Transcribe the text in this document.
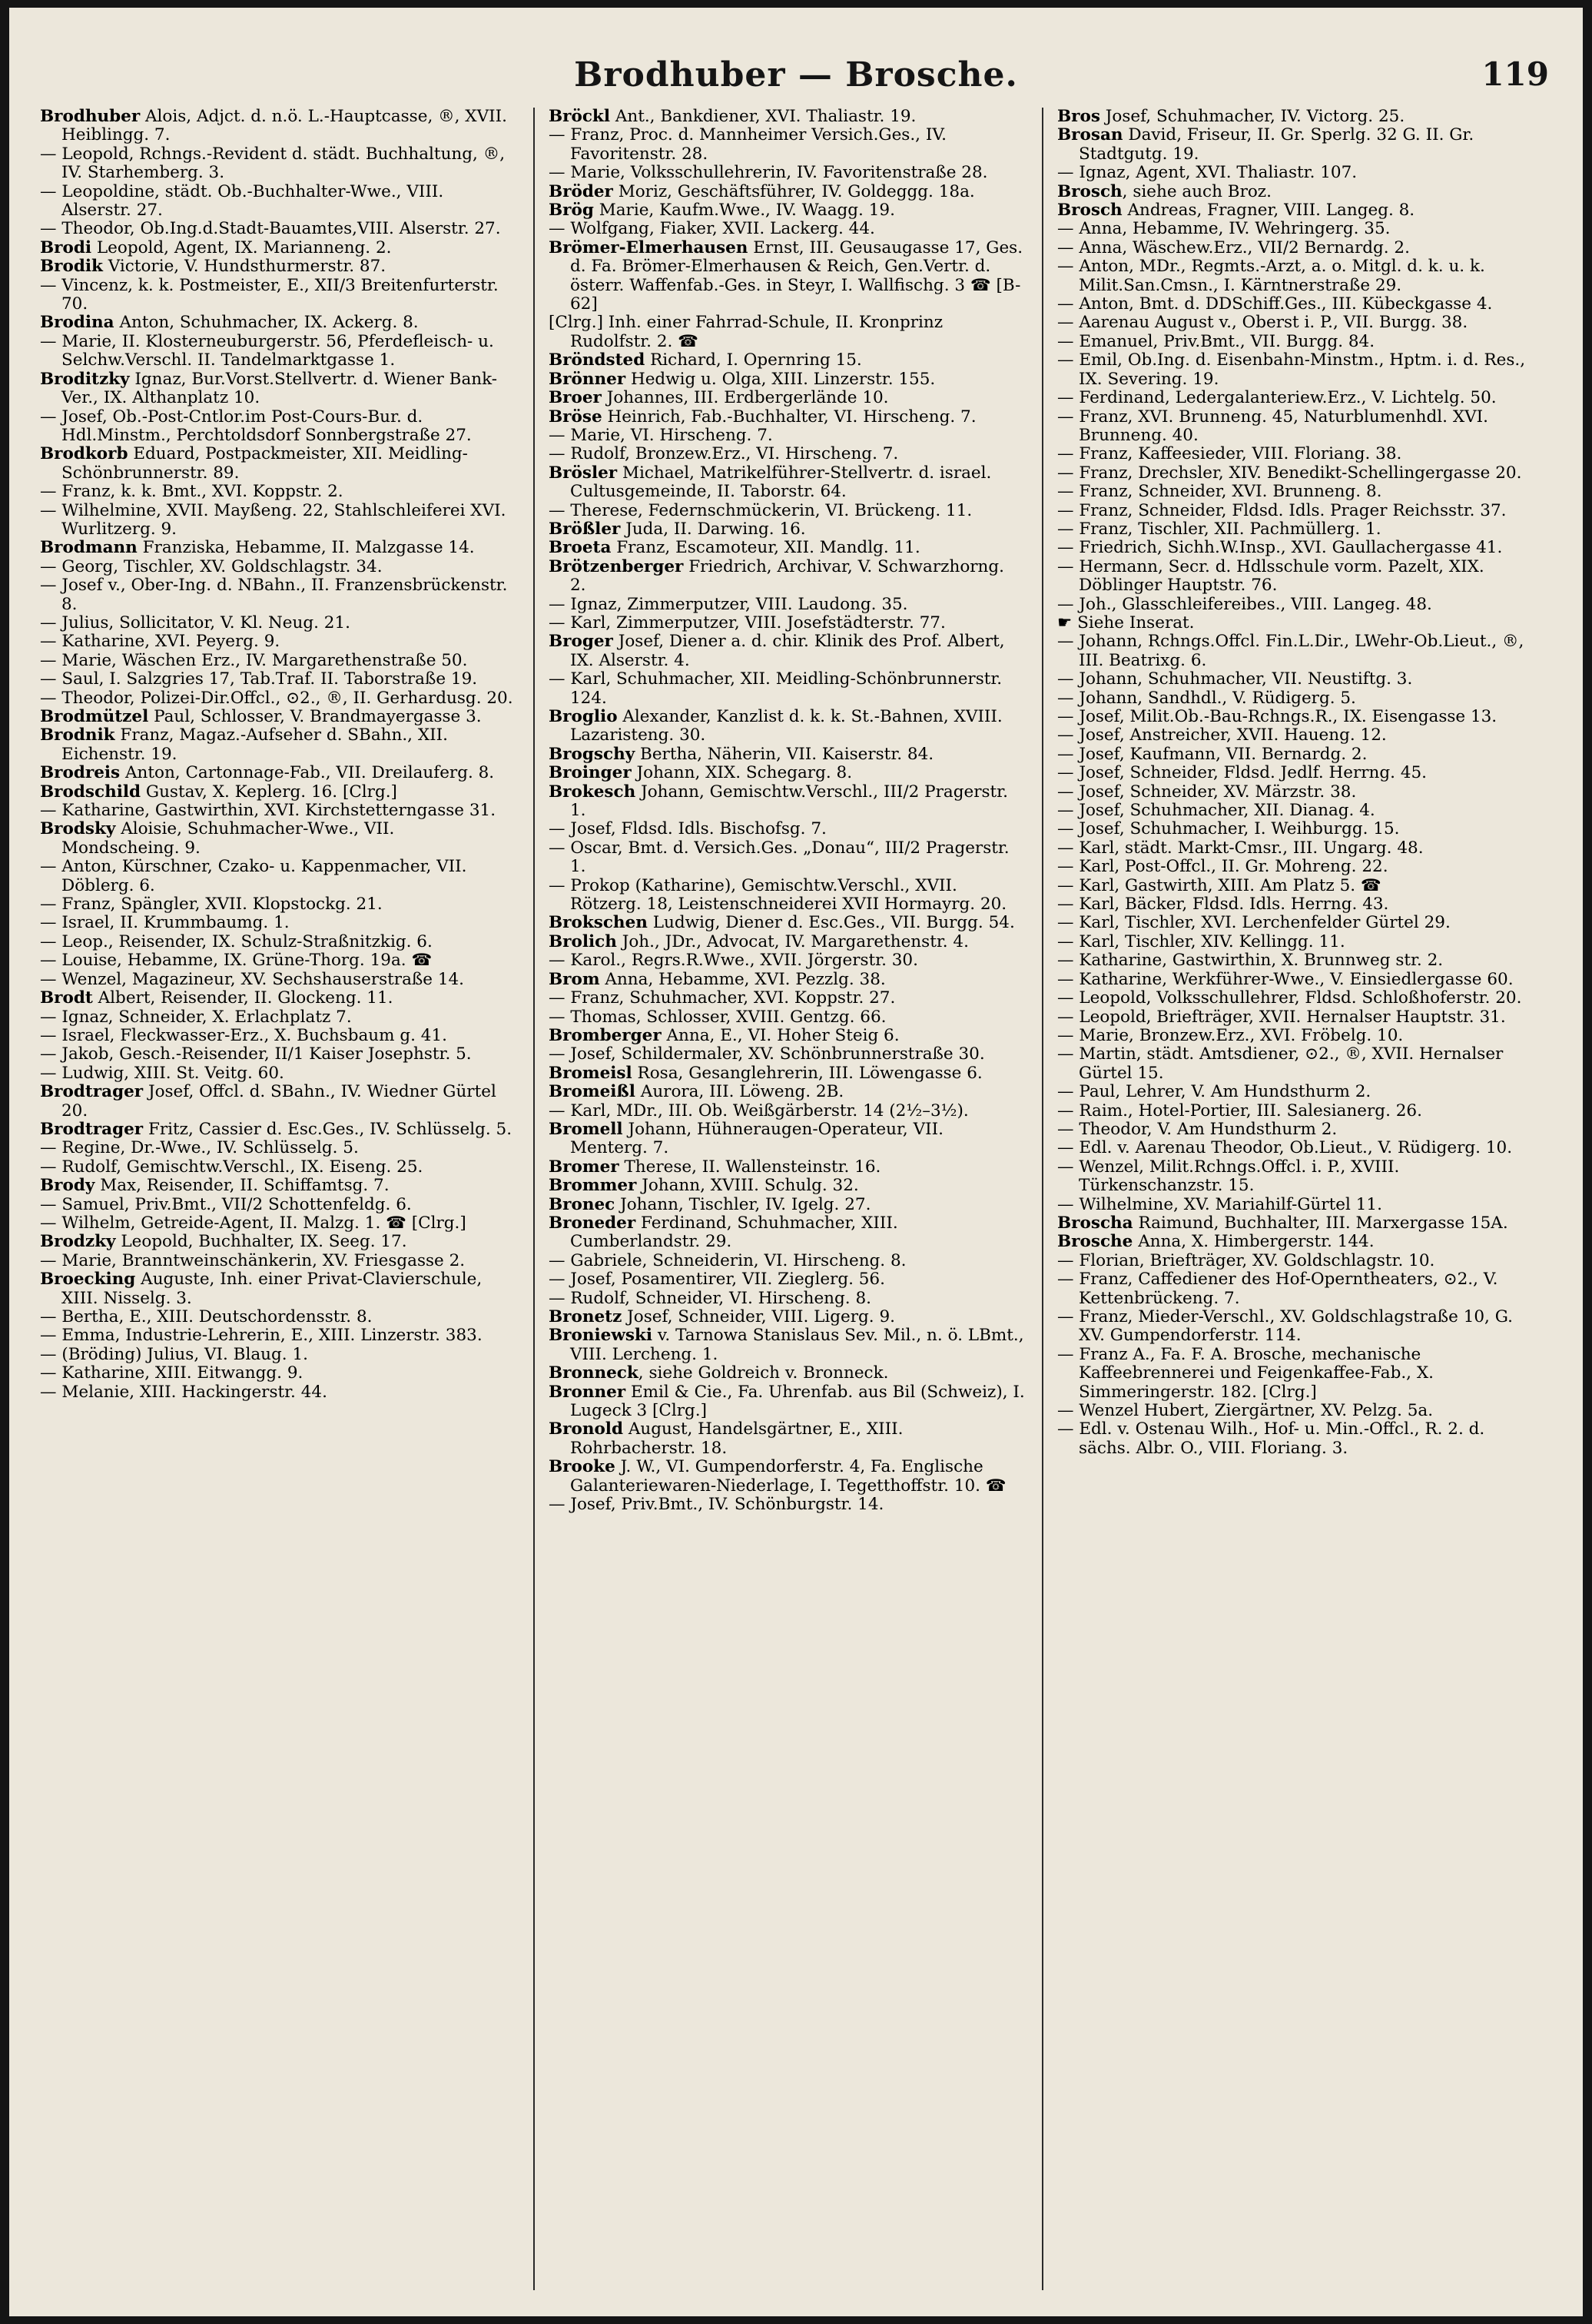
Brodhuber — Brosche.	119
Brodhuber Alois, Adjct. d. n.ö. L.-Hauptcasse, ®, XVII. Heiblingg. 7.
— Leopold, Rchngs.-Revident d. städt. Buchhaltung, ®, IV. Starhemberg. 3.
— Leopoldine, städt. Ob.-Buchhalter-Wwe., VIII. Alserstr. 27.
— Theodor, Ob.Ing.d.Stadt-Bauamtes,VIII. Alserstr. 27.
Brodi Leopold, Agent, IX. Marianneng. 2.
Brodik Victorie, V. Hundsthurmerstr. 87.
— Vincenz, k. k. Postmeister, E., XII/3 Breitenfurterstr. 70.
Brodina Anton, Schuhmacher, IX. Ackerg. 8.
— Marie, II. Klosterneuburgerstr. 56, Pferdefleisch- u. Selchw.Verschl. II. Tandelmarktgasse 1.
Broditzky Ignaz, Bur.Vorst.Stellvertr. d. Wiener Bank-Ver., IX. Althanplatz 10.
— Josef, Ob.-Post-Cntlor.im Post-Cours-Bur. d. Hdl.Minstm., Perchtoldsdorf Sonnbergstraße 27.
Brodkorb Eduard, Postpackmeister, XII. Meidling-Schönbrunnerstr. 89.
— Franz, k. k. Bmt., XVI. Koppstr. 2.
— Wilhelmine, XVII. Mayßeng. 22, Stahlschleiferei XVI. Wurlitzerg. 9.
Brodmann Franziska, Hebamme, II. Malzgasse 14.
— Georg, Tischler, XV. Goldschlagstr. 34.
— Josef v., Ober-Ing. d. NBahn., II. Franzensbrückenstr. 8.
— Julius, Sollicitator, V. Kl. Neug. 21.
— Katharine, XVI. Peyerg. 9.
— Marie, Wäschen Erz., IV. Margarethenstraße 50.
— Saul, I. Salzgries 17, Tab.Traf. II. Taborstraße 19.
— Theodor, Polizei-Dir.Offcl., ⊙2., ®, II. Gerhardusg. 20.
Brodmützel Paul, Schlosser, V. Brandmayergasse 3.
Brodnik Franz, Magaz.-Aufseher d. SBahn., XII. Eichenstr. 19.
Brodreis Anton, Cartonnage-Fab., VII. Dreilauferg. 8.
Brodschild Gustav, X. Keplerg. 16. [Clrg.]
— Katharine, Gastwirthin, XVI. Kirchstetterngasse 31.
Brodsky Aloisie, Schuhmacher-Wwe., VII. Mondscheing. 9.
— Anton, Kürschner, Czako- u. Kappenmacher, VII. Döblerg. 6.
— Franz, Spängler, XVII. Klopstockg. 21.
— Israel, II. Krummbaumg. 1.
— Leop., Reisender, IX. Schulz-Straßnitzkig. 6.
— Louise, Hebamme, IX. Grüne-Thorg. 19a. ☎
— Wenzel, Magazineur, XV. Sechshauserstraße 14.
Brodt Albert, Reisender, II. Glockeng. 11.
— Ignaz, Schneider, X. Erlachplatz 7.
— Israel, Fleckwasser-Erz., X. Buchsbaum g. 41.
— Jakob, Gesch.-Reisender, II/1 Kaiser Josephstr. 5.
— Ludwig, XIII. St. Veitg. 60.
Brodtrager Josef, Offcl. d. SBahn., IV. Wiedner Gürtel 20.
Brodtrager Fritz, Cassier d. Esc.Ges., IV. Schlüsselg. 5.
— Regine, Dr.-Wwe., IV. Schlüsselg. 5.
— Rudolf, Gemischtw.Verschl., IX. Eiseng. 25.
Brody Max, Reisender, II. Schiffamtsg. 7.
— Samuel, Priv.Bmt., VII/2 Schottenfeldg. 6.
— Wilhelm, Getreide-Agent, II. Malzg. 1. ☎ [Clrg.]
Brodzky Leopold, Buchhalter, IX. Seeg. 17.
— Marie, Branntweinschänkerin, XV. Friesgasse 2.
Broecking Auguste, Inh. einer Privat-Clavierschule, XIII. Nisselg. 3.
— Bertha, E., XIII. Deutschordensstr. 8.
— Emma, Industrie-Lehrerin, E., XIII. Linzerstr. 383.
— (Bröding) Julius, VI. Blaug. 1.
— Katharine, XIII. Eitwangg. 9.
— Melanie, XIII. Hackingerstr. 44.
Bröckl Ant., Bankdiener, XVI. Thaliastr. 19.
— Franz, Proc. d. Mannheimer Versich.Ges., IV. Favoritenstr. 28.
— Marie, Volksschullehrerin, IV. Favoritenstraße 28.
Bröder Moriz, Geschäftsführer, IV. Goldeggg. 18a.
Brög Marie, Kaufm.Wwe., IV. Waagg. 19.
— Wolfgang, Fiaker, XVII. Lackerg. 44.
Brömer-Elmerhausen Ernst, III. Geusaugasse 17, Ges. d. Fa. Brömer-Elmerhausen & Reich, Gen.Vertr. d. österr. Waffenfab.-Ges. in Steyr, I. Wallfischg. 3 ☎ [B-62]
[Clrg.] Inh. einer Fahrrad-Schule, II. Kronprinz Rudolfstr. 2. ☎
Bröndsted Richard, I. Opernring 15.
Brönner Hedwig u. Olga, XIII. Linzerstr. 155.
Broer Johannes, III. Erdbergerlände 10.
Bröse Heinrich, Fab.-Buchhalter, VI. Hirscheng. 7.
— Marie, VI. Hirscheng. 7.
— Rudolf, Bronzew.Erz., VI. Hirscheng. 7.
Brösler Michael, Matrikelführer-Stellvertr. d. israel. Cultusgemeinde, II. Taborstr. 64.
— Therese, Federnschmückerin, VI. Brückeng. 11.
Brößler Juda, II. Darwing. 16.
Broeta Franz, Escamoteur, XII. Mandlg. 11.
Brötzenberger Friedrich, Archivar, V. Schwarzhorng. 2.
— Ignaz, Zimmerputzer, VIII. Laudong. 35.
— Karl, Zimmerputzer, VIII. Josefstädterstr. 77.
Broger Josef, Diener a. d. chir. Klinik des Prof. Albert, IX. Alserstr. 4.
— Karl, Schuhmacher, XII. Meidling-Schönbrunnerstr. 124.
Broglio Alexander, Kanzlist d. k. k. St.-Bahnen, XVIII. Lazaristeng. 30.
Brogschy Bertha, Näherin, VII. Kaiserstr. 84.
Broinger Johann, XIX. Schegarg. 8.
Brokesch Johann, Gemischtw.Verschl., III/2 Pragerstr. 1.
— Josef, Fldsd. Idls. Bischofsg. 7.
— Oscar, Bmt. d. Versich.Ges. „Donau“, III/2 Pragerstr. 1.
— Prokop (Katharine), Gemischtw.Verschl., XVII. Rötzerg. 18, Leistenschneiderei XVII Hormayrg. 20.
Brokschen Ludwig, Diener d. Esc.Ges., VII. Burgg. 54.
Brolich Joh., JDr., Advocat, IV. Margarethenstr. 4.
— Karol., Regrs.R.Wwe., XVII. Jörgerstr. 30.
Brom Anna, Hebamme, XVI. Pezzlg. 38.
— Franz, Schuhmacher, XVI. Koppstr. 27.
— Thomas, Schlosser, XVIII. Gentzg. 66.
Bromberger Anna, E., VI. Hoher Steig 6.
— Josef, Schildermaler, XV. Schönbrunnerstraße 30.
Bromeisl Rosa, Gesanglehrerin, III. Löwengasse 6.
Bromeißl Aurora, III. Löweng. 2B.
— Karl, MDr., III. Ob. Weißgärberstr. 14 (2½–3½).
Bromell Johann, Hühneraugen-Operateur, VII. Menterg. 7.
Bromer Therese, II. Wallensteinstr. 16.
Brommer Johann, XVIII. Schulg. 32.
Bronec Johann, Tischler, IV. Igelg. 27.
Broneder Ferdinand, Schuhmacher, XIII. Cumberlandstr. 29.
— Gabriele, Schneiderin, VI. Hirscheng. 8.
— Josef, Posamentirer, VII. Zieglerg. 56.
— Rudolf, Schneider, VI. Hirscheng. 8.
Bronetz Josef, Schneider, VIII. Ligerg. 9.
Broniewski v. Tarnowa Stanislaus Sev. Mil., n. ö. LBmt., VIII. Lercheng. 1.
Bronneck, siehe Goldreich v. Bronneck.
Bronner Emil & Cie., Fa. Uhrenfab. aus Bil (Schweiz), I. Lugeck 3 [Clrg.]
Bronold August, Handelsgärtner, E., XIII. Rohrbacherstr. 18.
Brooke J. W., VI. Gumpendorferstr. 4, Fa. Englische Galanteriewaren-Niederlage, I. Tegetthoffstr. 10. ☎
— Josef, Priv.Bmt., IV. Schönburgstr. 14.
Bros Josef, Schuhmacher, IV. Victorg. 25.
Brosan David, Friseur, II. Gr. Sperlg. 32 G. II. Gr. Stadtgutg. 19.
— Ignaz, Agent, XVI. Thaliastr. 107.
Brosch, siehe auch Broz.
Brosch Andreas, Fragner, VIII. Langeg. 8.
— Anna, Hebamme, IV. Wehringerg. 35.
— Anna, Wäschew.Erz., VII/2 Bernardg. 2.
— Anton, MDr., Regmts.-Arzt, a. o. Mitgl. d. k. u. k. Milit.San.Cmsn., I. Kärntnerstraße 29.
— Anton, Bmt. d. DDSchiff.Ges., III. Kübeckgasse 4.
— Aarenau August v., Oberst i. P., VII. Burgg. 38.
— Emanuel, Priv.Bmt., VII. Burgg. 84.
— Emil, Ob.Ing. d. Eisenbahn-Minstm., Hptm. i. d. Res., IX. Severing. 19.
— Ferdinand, Ledergalanteriew.Erz., V. Lichtelg. 50.
— Franz, XVI. Brunneng. 45, Naturblumenhdl. XVI. Brunneng. 40.
— Franz, Kaffeesieder, VIII. Floriang. 38.
— Franz, Drechsler, XIV. Benedikt-Schellingergasse 20.
— Franz, Schneider, XVI. Brunneng. 8.
— Franz, Schneider, Fldsd. Idls. Prager Reichsstr. 37.
— Franz, Tischler, XII. Pachmüllerg. 1.
— Friedrich, Sichh.W.Insp., XVI. Gaullachergasse 41.
— Hermann, Secr. d. Hdlsschule vorm. Pazelt, XIX. Döblinger Hauptstr. 76.
— Joh., Glasschleifereibes., VIII. Langeg. 48.
☛ Siehe Inserat.
— Johann, Rchngs.Offcl. Fin.L.Dir., LWehr-Ob.Lieut., ®, III. Beatrixg. 6.
— Johann, Schuhmacher, VII. Neustiftg. 3.
— Johann, Sandhdl., V. Rüdigerg. 5.
— Josef, Milit.Ob.-Bau-Rchngs.R., IX. Eisengasse 13.
— Josef, Anstreicher, XVII. Haueng. 12.
— Josef, Kaufmann, VII. Bernardg. 2.
— Josef, Schneider, Fldsd. Jedlf. Herrng. 45.
— Josef, Schneider, XV. Märzstr. 38.
— Josef, Schuhmacher, XII. Dianag. 4.
— Josef, Schuhmacher, I. Weihburgg. 15.
— Karl, städt. Markt-Cmsr., III. Ungarg. 48.
— Karl, Post-Offcl., II. Gr. Mohreng. 22.
— Karl, Gastwirth, XIII. Am Platz 5. ☎
— Karl, Bäcker, Fldsd. Idls. Herrng. 43.
— Karl, Tischler, XVI. Lerchenfelder Gürtel 29.
— Karl, Tischler, XIV. Kellingg. 11.
— Katharine, Gastwirthin, X. Brunnweg str. 2.
— Katharine, Werkführer-Wwe., V. Einsiedlergasse 60.
— Leopold, Volksschullehrer, Fldsd. Schloßhoferstr. 20.
— Leopold, Briefträger, XVII. Hernalser Hauptstr. 31.
— Marie, Bronzew.Erz., XVI. Fröbelg. 10.
— Martin, städt. Amtsdiener, ⊙2., ®, XVII. Hernalser Gürtel 15.
— Paul, Lehrer, V. Am Hundsthurm 2.
— Raim., Hotel-Portier, III. Salesianerg. 26.
— Theodor, V. Am Hundsthurm 2.
— Edl. v. Aarenau Theodor, Ob.Lieut., V. Rüdigerg. 10.
— Wenzel, Milit.Rchngs.Offcl. i. P., XVIII. Türkenschanzstr. 15.
— Wilhelmine, XV. Mariahilf-Gürtel 11.
Broscha Raimund, Buchhalter, III. Marxergasse 15A.
Brosche Anna, X. Himbergerstr. 144.
— Florian, Briefträger, XV. Goldschlagstr. 10.
— Franz, Caffediener des Hof-Operntheaters, ⊙2., V. Kettenbrückeng. 7.
— Franz, Mieder-Verschl., XV. Goldschlagstraße 10, G. XV. Gumpendorferstr. 114.
— Franz A., Fa. F. A. Brosche, mechanische Kaffeebrennerei und Feigenkaffee-Fab., X. Simmeringerstr. 182. [Clrg.]
— Wenzel Hubert, Ziergärtner, XV. Pelzg. 5a.
— Edl. v. Ostenau Wilh., Hof- u. Min.-Offcl., R. 2. d. sächs. Albr. O., VIII. Floriang. 3.
